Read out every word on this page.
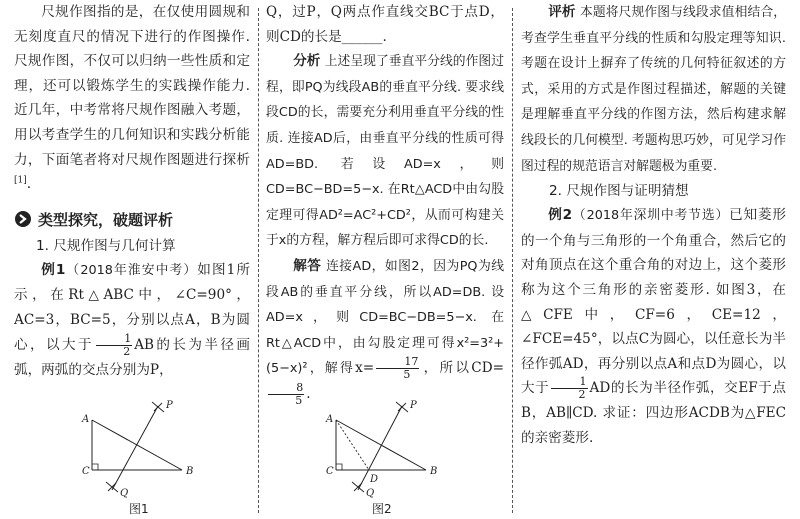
尺规作图指的是，在仅使用圆规和无刻度直尺的情况下进行的作图操作. 尺规作图，不仅可以归纳一些性质和定理，还可以锻炼学生的实践操作能力. 近几年，中考常将尺规作图融入考题，用以考查学生的几何知识和实践分析能力，下面笔者将对尺规作图题进行探析[1].

类型探究，破题评析
1. 尺规作图与几何计算

例1（2018年淮安中考）如图1所示，在Rt△ABC中，∠C=90°，AC=3，BC=5，分别以点A，B为圆心，以大于 $\frac{1}{2}$ AB的长为半径画弧，两弧的交点分别为P，

A
C	B
P
Q
图1

Q，过P，Q两点作直线交BC于点D，则CD的长是______.

分析 上述呈现了垂直平分线的作图过程，即PQ为线段AB的垂直平分线. 要求线段CD的长，需要充分利用垂直平分线的性质. 连接AD后，由垂直平分线的性质可得AD=BD. 若设AD=x，则CD=BC−BD=5−x. 在Rt△ACD中由勾股定理可得AD²=AC²+CD²，从而可构建关于x的方程，解方程后即可求得CD的长.

解答 连接AD，如图2，因为PQ为线段AB的垂直平分线，所以AD=DB. 设AD=x，则CD=BC−DB=5−x. 在Rt△ACD中，由勾股定理可得x²=3²+(5−x)²，解得$x= \frac{17}{5}$ ，所以CD=
$\frac{8}{5}$ .

A
C
D
B
P
Q
图2

评析 本题将尺规作图与线段求值相结合，考查学生垂直平分线的性质和勾股定理等知识. 考题在设计上摒弃了传统的几何特征叙述的方式，采用的方式是作图过程描述，解题的关键是理解垂直平分线的作图方法，然后构建求解线段长的几何模型. 考题构思巧妙，可见学习作图过程的规范语言对解题极为重要.

2. 尺规作图与证明猜想

例2（2018年深圳中考节选）已知菱形的一个角与三角形的一个角重合，然后它的对角顶点在这个重合角的对边上，这个菱形称为这个三角形的亲密菱形. 如图3，在△CFE中，CF=6，CE=12，∠FCE=45°，以点C为圆心，以任意长为半径作弧AD，再分别以点A和点D为圆心，以大于 $\frac{1}{2}$ AD的长为半径作弧，交EF于点B，AB∥CD. 求证：四边形ACDB为△FEC的亲密菱形.
